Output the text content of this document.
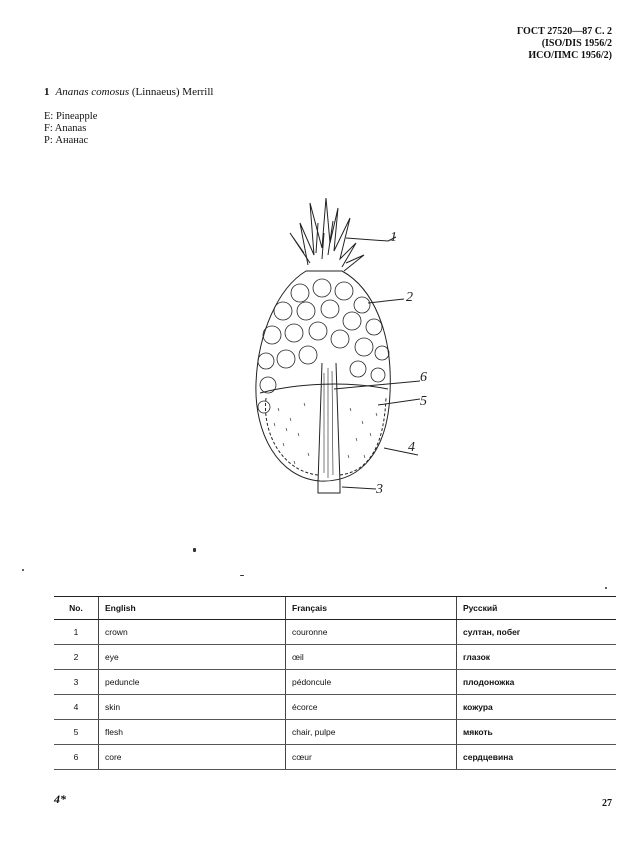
ГОСТ 27520—87 С. 2
(ISO/DIS 1956/2
ИСО/ПМС 1956/2)
1 Ananas comosus (Linnaeus) Merrill
E: Pineapple
F: Ananas
P: Ананас
1
2
6
5
4
3
No.	English	Français	Русский
1	crown	couronne	султан, побег
2	eye	œil	глазок
3	peduncle	pédoncule	плодоножка
4	skin	écorce	кожура
5	flesh	chair, pulpe	мякоть
6	core	cœur	сердцевина
4*	27
